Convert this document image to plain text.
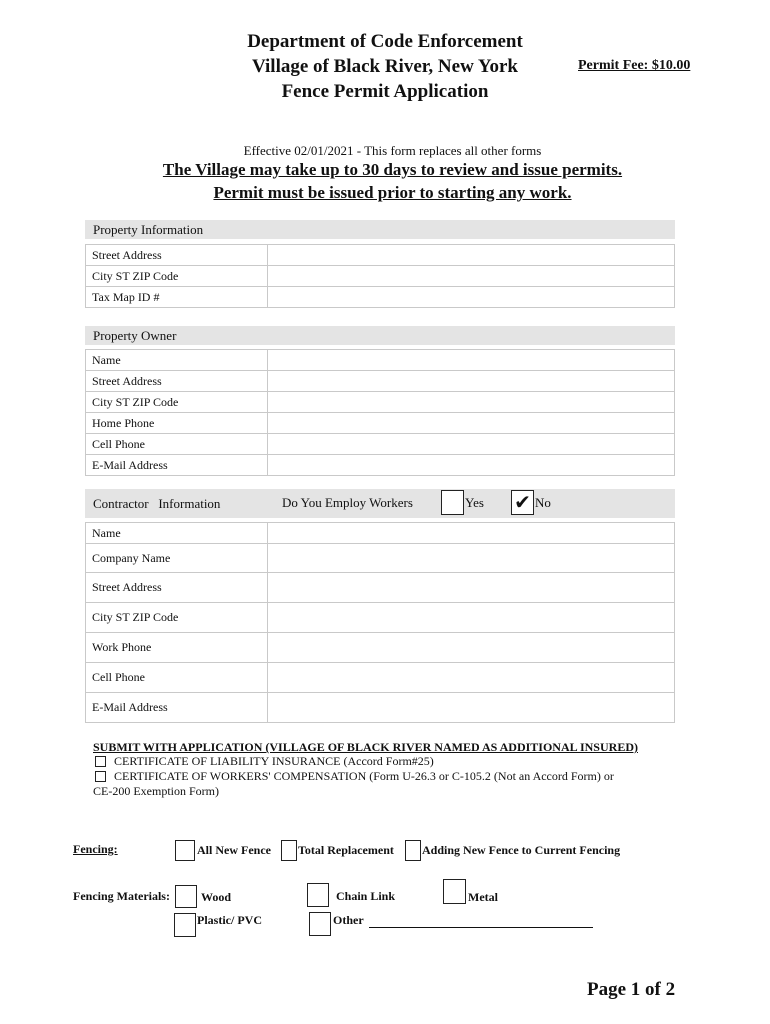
Department of Code Enforcement
Village of Black River, New York
Fence Permit Application
Permit Fee: $10.00
Effective 02/01/2021 - This form replaces all other forms
The Village may take up to 30 days to review and issue permits.
Permit must be issued prior to starting any work.
Property Information
Street Address	
City ST ZIP Code	
Tax Map ID #	
Property Owner
Name	
Street Address	
City ST ZIP Code	
Home Phone	
Cell Phone	
E-Mail Address	
Contractor   Information	Do You Employ Workers	Yes ✔ No
Name	
Company Name	
Street Address	
City ST ZIP Code	
Work Phone	
Cell Phone	
E-Mail Address	
SUBMIT WITH APPLICATION (VILLAGE OF BLACK RIVER NAMED AS ADDITIONAL INSURED)
CERTIFICATE OF LIABILITY INSURANCE (Accord Form#25)
CERTIFICATE OF WORKERS' COMPENSATION (Form U-26.3 or C-105.2 (Not an Accord Form) or
CE-200 Exemption Form)
Fencing:	All New Fence Total Replacement Adding New Fence to Current Fencing
Fencing Materials:	Wood	Chain Link	Metal
Plastic/ PVC	Other
Page 1 of 2
